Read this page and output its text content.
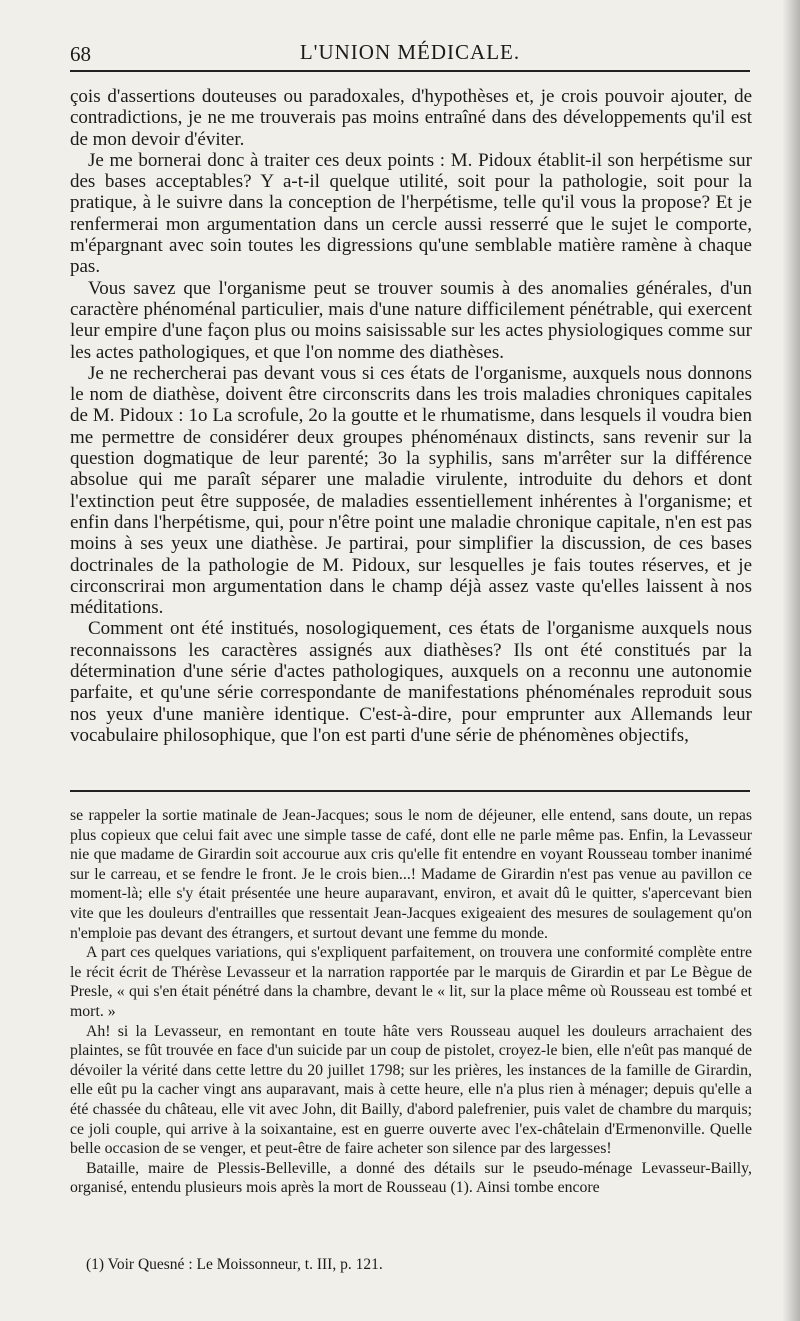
68	L'UNION MÉDICALE.

çois d'assertions douteuses ou paradoxales, d'hypothèses et, je crois pouvoir ajouter, de contradictions, je ne me trouverais pas moins entraîné dans des développements qu'il est de mon devoir d'éviter.

Je me bornerai donc à traiter ces deux points : M. Pidoux établit-il son herpétisme sur des bases acceptables? Y a-t-il quelque utilité, soit pour la pathologie, soit pour la pratique, à le suivre dans la conception de l'herpétisme, telle qu'il vous la propose? Et je renfermerai mon argumentation dans un cercle aussi resserré que le sujet le comporte, m'épargnant avec soin toutes les digressions qu'une semblable matière ramène à chaque pas.

Vous savez que l'organisme peut se trouver soumis à des anomalies générales, d'un caractère phénoménal particulier, mais d'une nature difficilement pénétrable, qui exercent leur empire d'une façon plus ou moins saisissable sur les actes physiologiques comme sur les actes pathologiques, et que l'on nomme des diathèses.

Je ne rechercherai pas devant vous si ces états de l'organisme, auxquels nous donnons le nom de diathèse, doivent être circonscrits dans les trois maladies chroniques capitales de M. Pidoux : 1o La scrofule, 2o la goutte et le rhumatisme, dans lesquels il voudra bien me permettre de considérer deux groupes phénoménaux distincts, sans revenir sur la question dogmatique de leur parenté; 3o la syphilis, sans m'arrêter sur la différence absolue qui me paraît séparer une maladie virulente, introduite du dehors et dont l'extinction peut être supposée, de maladies essentiellement inhérentes à l'organisme; et enfin dans l'herpétisme, qui, pour n'être point une maladie chronique capitale, n'en est pas moins à ses yeux une diathèse. Je partirai, pour simplifier la discussion, de ces bases doctrinales de la pathologie de M. Pidoux, sur lesquelles je fais toutes réserves, et je circonscrirai mon argumentation dans le champ déjà assez vaste qu'elles laissent à nos méditations.

Comment ont été institués, nosologiquement, ces états de l'organisme auxquels nous reconnaissons les caractères assignés aux diathèses? Ils ont été constitués par la détermination d'une série d'actes pathologiques, auxquels on a reconnu une autonomie parfaite, et qu'une série correspondante de manifestations phénoménales reproduit sous nos yeux d'une manière identique. C'est-à-dire, pour emprunter aux Allemands leur vocabulaire philosophique, que l'on est parti d'une série de phénomènes objectifs,

se rappeler la sortie matinale de Jean-Jacques; sous le nom de déjeuner, elle entend, sans doute, un repas plus copieux que celui fait avec une simple tasse de café, dont elle ne parle même pas. Enfin, la Levasseur nie que madame de Girardin soit accourue aux cris qu'elle fit entendre en voyant Rousseau tomber inanimé sur le carreau, et se fendre le front. Je le crois bien...! Madame de Girardin n'est pas venue au pavillon ce moment-là; elle s'y était présentée une heure auparavant, environ, et avait dû le quitter, s'apercevant bien vite que les douleurs d'entrailles que ressentait Jean-Jacques exigeaient des mesures de soulagement qu'on n'emploie pas devant des étrangers, et surtout devant une femme du monde.

A part ces quelques variations, qui s'expliquent parfaitement, on trouvera une conformité complète entre le récit écrit de Thérèse Levasseur et la narration rapportée par le marquis de Girardin et par Le Bègue de Presle, « qui s'en était pénétré dans la chambre, devant le « lit, sur la place même où Rousseau est tombé et mort. »

Ah! si la Levasseur, en remontant en toute hâte vers Rousseau auquel les douleurs arrachaient des plaintes, se fût trouvée en face d'un suicide par un coup de pistolet, croyez-le bien, elle n'eût pas manqué de dévoiler la vérité dans cette lettre du 20 juillet 1798; sur les prières, les instances de la famille de Girardin, elle eût pu la cacher vingt ans auparavant, mais à cette heure, elle n'a plus rien à ménager; depuis qu'elle a été chassée du château, elle vit avec John, dit Bailly, d'abord palefrenier, puis valet de chambre du marquis; ce joli couple, qui arrive à la soixantaine, est en guerre ouverte avec l'ex-châtelain d'Ermenonville. Quelle belle occasion de se venger, et peut-être de faire acheter son silence par des largesses!

Bataille, maire de Plessis-Belleville, a donné des détails sur le pseudo-ménage Levasseur-Bailly, organisé, entendu plusieurs mois après la mort de Rousseau (1). Ainsi tombe encore

(1) Voir Quesné : Le Moissonneur, t. III, p. 121.
